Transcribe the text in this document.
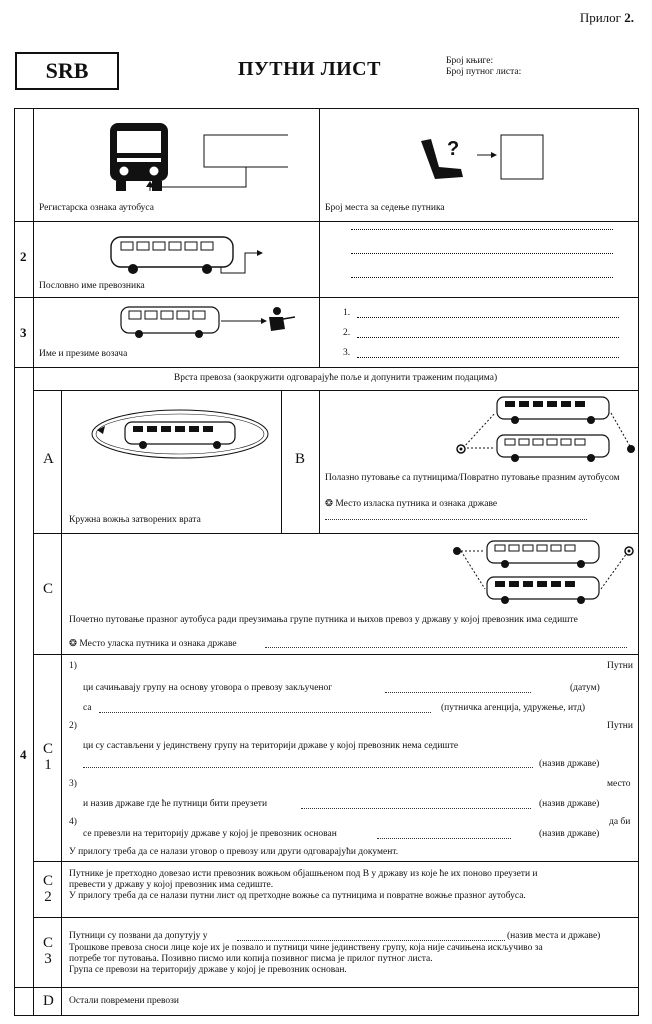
Прилог 2.
SRB	ПУТНИ ЛИСТ	Број књиге:
Број путног листа:
Регистарска ознака аутобуса
?
Број места за седење путника
2
Пословно име превозника
3
Име и презиме возача
1.
2.
3.
4
Врста превоза (заокружити одговарајуће поље и допунити траженим подацима)
A
Кружна вожња затворених врата
B
Полазно путовање са путницима/Повратно путовање празним аутобусом
❂ Место изласка путника и ознака државе
C
Почетно путовање празног аутобуса ради преузимања групе путника и њихов превоз у државу у којој превозник има седиште
❂ Место уласка путника и ознака државе
C
1
1)	Путни
ци сачињавају групу на основу уговора о превозу закљученог	(датум)
са	(путничка агенција, удружење, итд)
2)	Путни
ци су састављени у јединствену групу на територији државе у којој превозник нема седиште
(назив државе)
3)	место
и назив државе где ће путници бити преузети	(назив државе)
4)	да би
се превезли на територију државе у којој је превозник основан	(назив државе)
У прилогу треба да се налази уговор о превозу или други одговарајући документ.
C
2
Путнике је претходно довезао исти превозник вожњом објашњеном под B у државу из које ће их поново преузети и
превести у државу у којој превозник има седиште.
У прилогу треба да се налази путни лист од претходне вожње са путницима и повратне вожње празног аутобуса.
C
3
Путници су позвани да допутују у	(назив места и државе)
Трошкове превоза сноси лице које их је позвало и путници чине јединствену групу, која није сачињена искључиво за
потребе тог путовања. Позивно писмо или копија позивног писма је прилог путног листа.
Група се превози на територију државе у којој је превозник основан.
D Остали повремени превози
